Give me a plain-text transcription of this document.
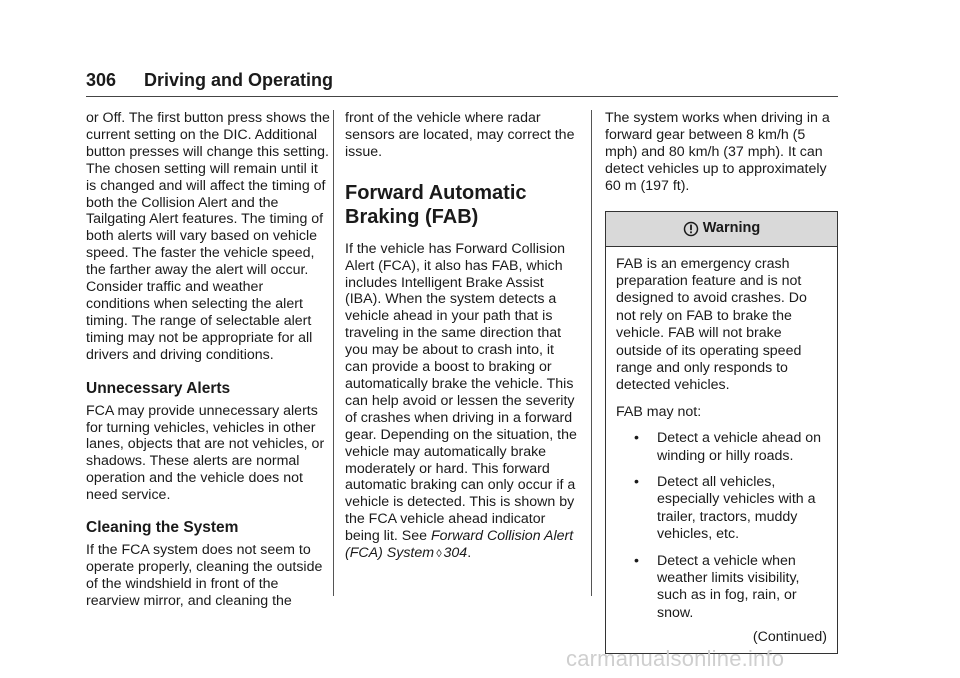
306 Driving and Operating

or Off. The first button press shows the current setting on the DIC. Additional button presses will change this setting. The chosen setting will remain until it is changed and will affect the timing of both the Collision Alert and the Tailgating Alert features. The timing of both alerts will vary based on vehicle speed. The faster the vehicle speed, the farther away the alert will occur. Consider traffic and weather conditions when selecting the alert timing. The range of selectable alert timing may not be appropriate for all drivers and driving conditions.

Unnecessary Alerts

FCA may provide unnecessary alerts for turning vehicles, vehicles in other lanes, objects that are not vehicles, or shadows. These alerts are normal operation and the vehicle does not need service.

Cleaning the System

If the FCA system does not seem to operate properly, cleaning the outside of the windshield in front of the rearview mirror, and cleaning the

front of the vehicle where radar sensors are located, may correct the issue.

Forward Automatic Braking (FAB)

If the vehicle has Forward Collision Alert (FCA), it also has FAB, which includes Intelligent Brake Assist (IBA). When the system detects a vehicle ahead in your path that is traveling in the same direction that you may be about to crash into, it can provide a boost to braking or automatically brake the vehicle. This can help avoid or lessen the severity of crashes when driving in a forward gear. Depending on the situation, the vehicle may automatically brake moderately or hard. This forward automatic braking can only occur if a vehicle is detected. This is shown by the FCA vehicle ahead indicator being lit. See Forward Collision Alert (FCA) System ◊ 304.

The system works when driving in a forward gear between 8 km/h (5 mph) and 80 km/h (37 mph). It can detect vehicles up to approximately 60 m (197 ft).

Warning

FAB is an emergency crash preparation feature and is not designed to avoid crashes. Do not rely on FAB to brake the vehicle. FAB will not brake outside of its operating speed range and only responds to detected vehicles.

FAB may not:

• Detect a vehicle ahead on winding or hilly roads.
• Detect all vehicles, especially vehicles with a trailer, tractors, muddy vehicles, etc.
• Detect a vehicle when weather limits visibility, such as in fog, rain, or snow.
(Continued)
carmanualsonline.info
